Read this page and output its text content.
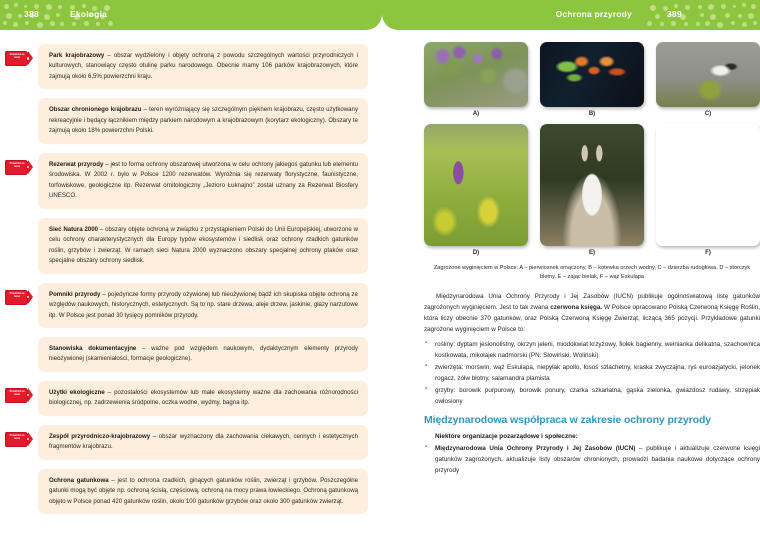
388	Ekologia	Ochrona przyrody	389
Powtórka na teraz	Park krajobrazowy – obszar wydzielony i objęty ochroną z powodu szczególnych wartości przyrodniczych i kulturowych, stanowiący często otulinę parku narodowego. Obecnie mamy 106 parków krajobrazowych, które zajmują około 6,5% powierzchni kraju.
Obszar chronionego krajobrazu – teren wyróżniający się szczególnym pięknem krajobrazu, często użytkowany rekreacyjnie i będący łącznikiem między parkiem narodowym a krajobrazowym (korytarz ekologiczny). Obszary te zajmują około 18% powierzchni Polski.
Powtórka na teraz	Rezerwat przyrody – jest to forma ochrony obszarowej utworzona w celu ochrony jakiegoś gatunku lub elementu środowiska. W 2002 r. było w Polsce 1200 rezerwatów. Wyróżnia się rezerwaty florystyczne, faunistyczne, torfowiskowe, geologiczne itp. Rezerwat ornitologiczny „Jezioro Łuknajno” został uznany za Rezerwat Biosfery UNESCO.
Sieć Natura 2000 – obszary objęte ochroną w związku z przystąpieniem Polski do Unii Europejskiej, utworzone w celu ochrony charakterystycznych dla Europy typów ekosystemów i siedlisk oraz ochrony rzadkich gatunków roślin, grzybów i zwierząt. W ramach sieci Natura 2000 wyznaczono obszary specjalnej ochrony ptaków oraz specjalne obszary ochrony siedlisk.
Powtórka na teraz	Pomniki przyrody – pojedyncze formy przyrody ożywionej lub nieożywionej bądź ich skupiska objęte ochroną ze względów naukowych, historycznych, estetycznych. Są to np. stare drzewa, aleje drzew, jaskinie, głazy narzutowe itp. W Polsce jest ponad 30 tysięcy pomników przyrody.
Stanowiska dokumentacyjne – ważne pod względem naukowym, dydaktycznym elementy przyrody nieożywionej (skamieniałości, formacje geologiczne).
Powtórka na teraz	Użytki ekologiczne – pozostałości ekosystemów lub małe ekosystemy ważne dla zachowania różnorodności biologicznej, np. zadrzewienia śródpolne, oczka wodne, wydmy, bagna itp.
Powtórka na teraz	Zespół przyrodniczo-krajobrazowy – obszar wyznaczony dla zachowania ciekawych, cennych i estetycznych fragmentów krajobrazu.
Ochrona gatunkowa – jest to ochrona rzadkich, ginących gatunków roślin, zwierząt i grzybów. Poszczególne gatunki mogą być objęte np. ochroną ścisłą, częściową, ochroną na mocy prawa łowieckiego. Ochroną gatunkową objęto w Polsce ponad 420 gatunków roślin, około 100 gatunków grzybów oraz około 300 gatunków zwierząt.
A)	B)	C)
D)	E)	F)
Zagrożone wyginięciem w Polsce: A – pierwiosnek omączony, B – kotewka orzech wodny, C – dzierzba rudogłowa, D – storczyk bletny, E – zając bielak, F – wąż Eskulapa

Międzynarodowa Unia Ochrony Przyrody i Jej Zasobów (IUCN) publikuje ogólnoświatową listę gatunków zagrożonych wyginięciem. Jest to tak zwana czerwona księga. W Polsce opracowano Polską Czerwoną Księgę Roślin, która liczy obecnie 370 gatunków, oraz Polską Czerwoną Księgę Zwierząt, liczącą 365 pozycji. Przykładowe gatunki zagrożone wyginięciem w Polsce to:

▪ rośliny: dyptam jesionolistny, okrzyn jeleni, miodokwiat krzyżowy, fiołek bagienny, welnianka delikatna, szachownica kostkowata, mikołajek nadmorski (PN: Słowiński, Woliński)
▪ zwierzęta: morświn, wąż Eskulapa, niepylak apollo, łosoś szlachetny, kraska zwyczajna, ryś euroazjatycki, jelonek rogacz, żółw błotny, salamandra plamista
▪ grzyby: borowik purpurowy, borowik ponury, czarka szkarłatna, gąska zielonka, gwiazdosz rudawy, strzępiak owłosiony
Międzynarodowa współpraca w zakresie ochrony przyrody
Niektóre organizacje pozarządowe i społeczne:
▪ Międzynarodowa Unia Ochrony Przyrody i Jej Zasobów (IUCN) – publikuje i aktualizuje czerwone księgi gatunków zagrożonych, aktualizuje listy obszarów chronionych, prowadzi badania naukowe dotyczące ochrony przyrody
